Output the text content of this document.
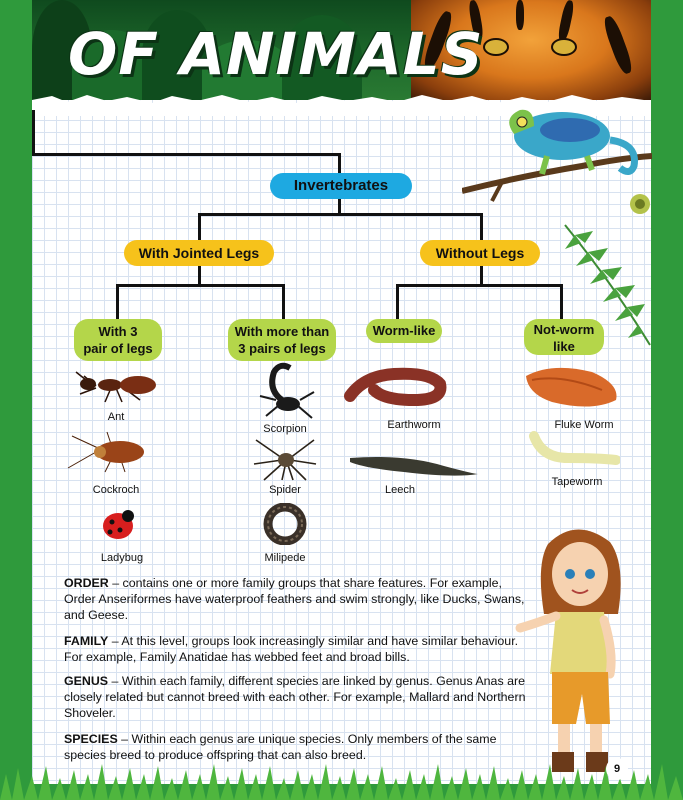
OF ANIMALS
Invertebrates
With Jointed Legs	Without Legs
With 3
pair of legs
With more than
3 pairs of legs
Worm-like	Not-worm
like
Ant
Cockroch
Ladybug
Scorpion
Spider
Milipede
Earthworm
Leech
Fluke Worm
Tapeworm
ORDER – contains one or more family groups that share features. For example, Order Anseriformes have waterproof feathers and swim strongly, like Ducks, Swans, and Geese.
FAMILY – At this level, groups look increasingly similar and have similar behaviour. For example, Family Anatidae has webbed feet and broad bills.
GENUS – Within each family, different species are linked by genus. Genus Anas are closely related but cannot breed with each other. For example, Mallard and Northern Shoveler.
SPECIES – Within each genus are unique species. Only members of the same species breed to produce offspring that can also breed.
9
